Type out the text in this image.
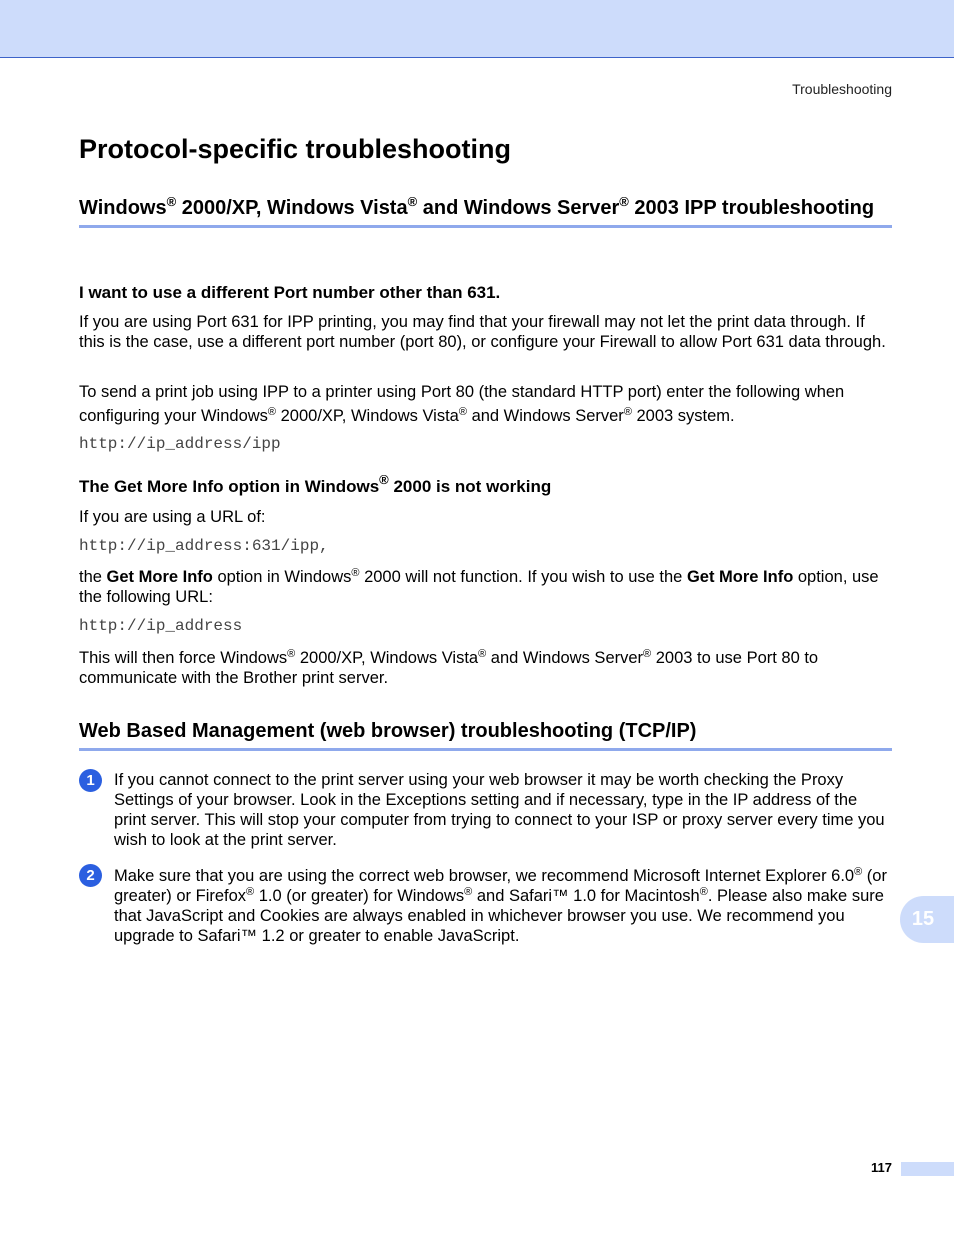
Troubleshooting
Protocol-specific troubleshooting
Windows® 2000/XP, Windows Vista® and Windows Server® 2003 IPP troubleshooting
I want to use a different Port number other than 631.

If you are using Port 631 for IPP printing, you may find that your firewall may not let the print data through. If this is the case, use a different port number (port 80), or configure your Firewall to allow Port 631 data through.

To send a print job using IPP to a printer using Port 80 (the standard HTTP port) enter the following when configuring your Windows® 2000/XP, Windows Vista® and Windows Server® 2003 system.

http://ip_address/ipp
The Get More Info option in Windows® 2000 is not working

If you are using a URL of:

http://ip_address:631/ipp,

the Get More Info option in Windows® 2000 will not function. If you wish to use the Get More Info option, use the following URL:

http://ip_address

This will then force Windows® 2000/XP, Windows Vista® and Windows Server® 2003 to use Port 80 to communicate with the Brother print server.

Web Based Management (web browser) troubleshooting (TCP/IP)
1	If you cannot connect to the print server using your web browser it may be worth checking the Proxy Settings of your browser. Look in the Exceptions setting and if necessary, type in the IP address of the print server. This will stop your computer from trying to connect to your ISP or proxy server every time you wish to look at the print server.

2	Make sure that you are using the correct web browser, we recommend Microsoft Internet Explorer 6.0® (or greater) or Firefox® 1.0 (or greater) for Windows® and Safari™ 1.0 for Macintosh®. Please also make sure that JavaScript and Cookies are always enabled in whichever browser you use. We recommend you upgrade to Safari™ 1.2 or greater to enable JavaScript.

15
117
